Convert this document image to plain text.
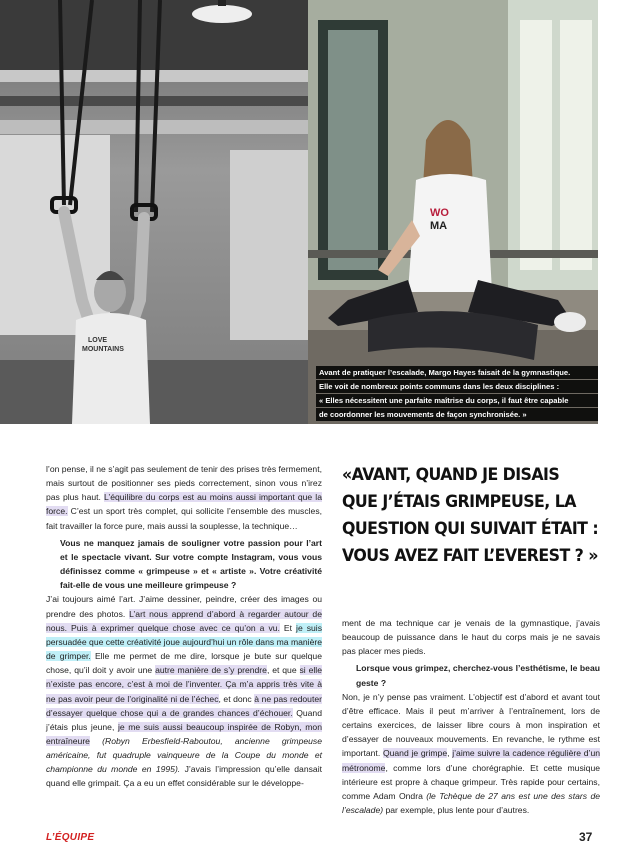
LOVE
MOUNTAINS
WO
MA
Avant de pratiquer l’escalade, Margo Hayes faisait de la gymnastique.
Elle voit de nombreux points communs dans les deux disciplines :
« Elles nécessitent une parfaite maîtrise du corps, il faut être capable
de coordonner les mouvements de façon synchronisée. »
l’on pense, il ne s’agit pas seulement de tenir des prises très fermement, mais surtout de positionner ses pieds correctement, sinon vous n’irez pas plus haut. L’équilibre du corps est au moins aussi important que la force. C’est un sport très complet, qui sollicite l’ensemble des muscles, fait travailler la force pure, mais aussi la souplesse, la technique…
Vous ne manquez jamais de souligner votre passion pour l’art et le spectacle vivant. Sur votre compte Instagram, vous vous définissez comme « grimpeuse » et « artiste ». Votre créativité fait-elle de vous une meilleure grimpeuse ?
J’ai toujours aimé l’art. J’aime dessiner, peindre, créer des images ou prendre des photos. L’art nous apprend d’abord à regarder autour de nous. Puis à exprimer quelque chose avec ce qu’on a vu. Et je suis persuadée que cette créativité joue aujourd’hui un rôle dans ma manière de grimper. Elle me permet de me dire, lorsque je bute sur quelque chose, qu’il doit y avoir une autre manière de s’y prendre, et que si elle n’existe pas encore, c’est à moi de l’inventer. Ça m’a appris très vite à ne pas avoir peur de l’originalité ni de l’échec, et donc à ne pas redouter d’essayer quelque chose qui a de grandes chances d’échouer. Quand j’étais plus jeune, je me suis aussi beaucoup inspirée de Robyn, mon entraîneure (Robyn Erbesfield-Raboutou, ancienne grimpeuse américaine, fut quadruple vainqueure de la Coupe du monde et championne du monde en 1995). J’avais l’impression qu’elle dansait quand elle grimpait. Ça a eu un effet considérable sur le développe-
«AVANT, QUAND JE DISAIS
QUE J’ÉTAIS GRIMPEUSE, LA
QUESTION QUI SUIVAIT ÉTAIT :
VOUS AVEZ FAIT L’EVEREST ? »
ment de ma technique car je venais de la gymnastique, j’avais beaucoup de puissance dans le haut du corps mais je ne savais pas placer mes pieds.
Lorsque vous grimpez, cherchez-vous l’esthétisme, le beau geste ?
Non, je n’y pense pas vraiment. L’objectif est d’abord et avant tout d’être efficace. Mais il peut m’arriver à l’entraînement, lors de certains exercices, de laisser libre cours à mon inspiration et d’essayer de nouveaux mouvements. En revanche, le rythme est important. Quand je grimpe, j’aime suivre la cadence régulière d’un métronome, comme lors d’une chorégraphie. Et cette musique intérieure est propre à chaque grimpeur. Très rapide pour certains, comme Adam Ondra (le Tchèque de 27 ans est une des stars de l’escalade) par exemple, plus lente pour d’autres.
L’ÉQUIPE	37
